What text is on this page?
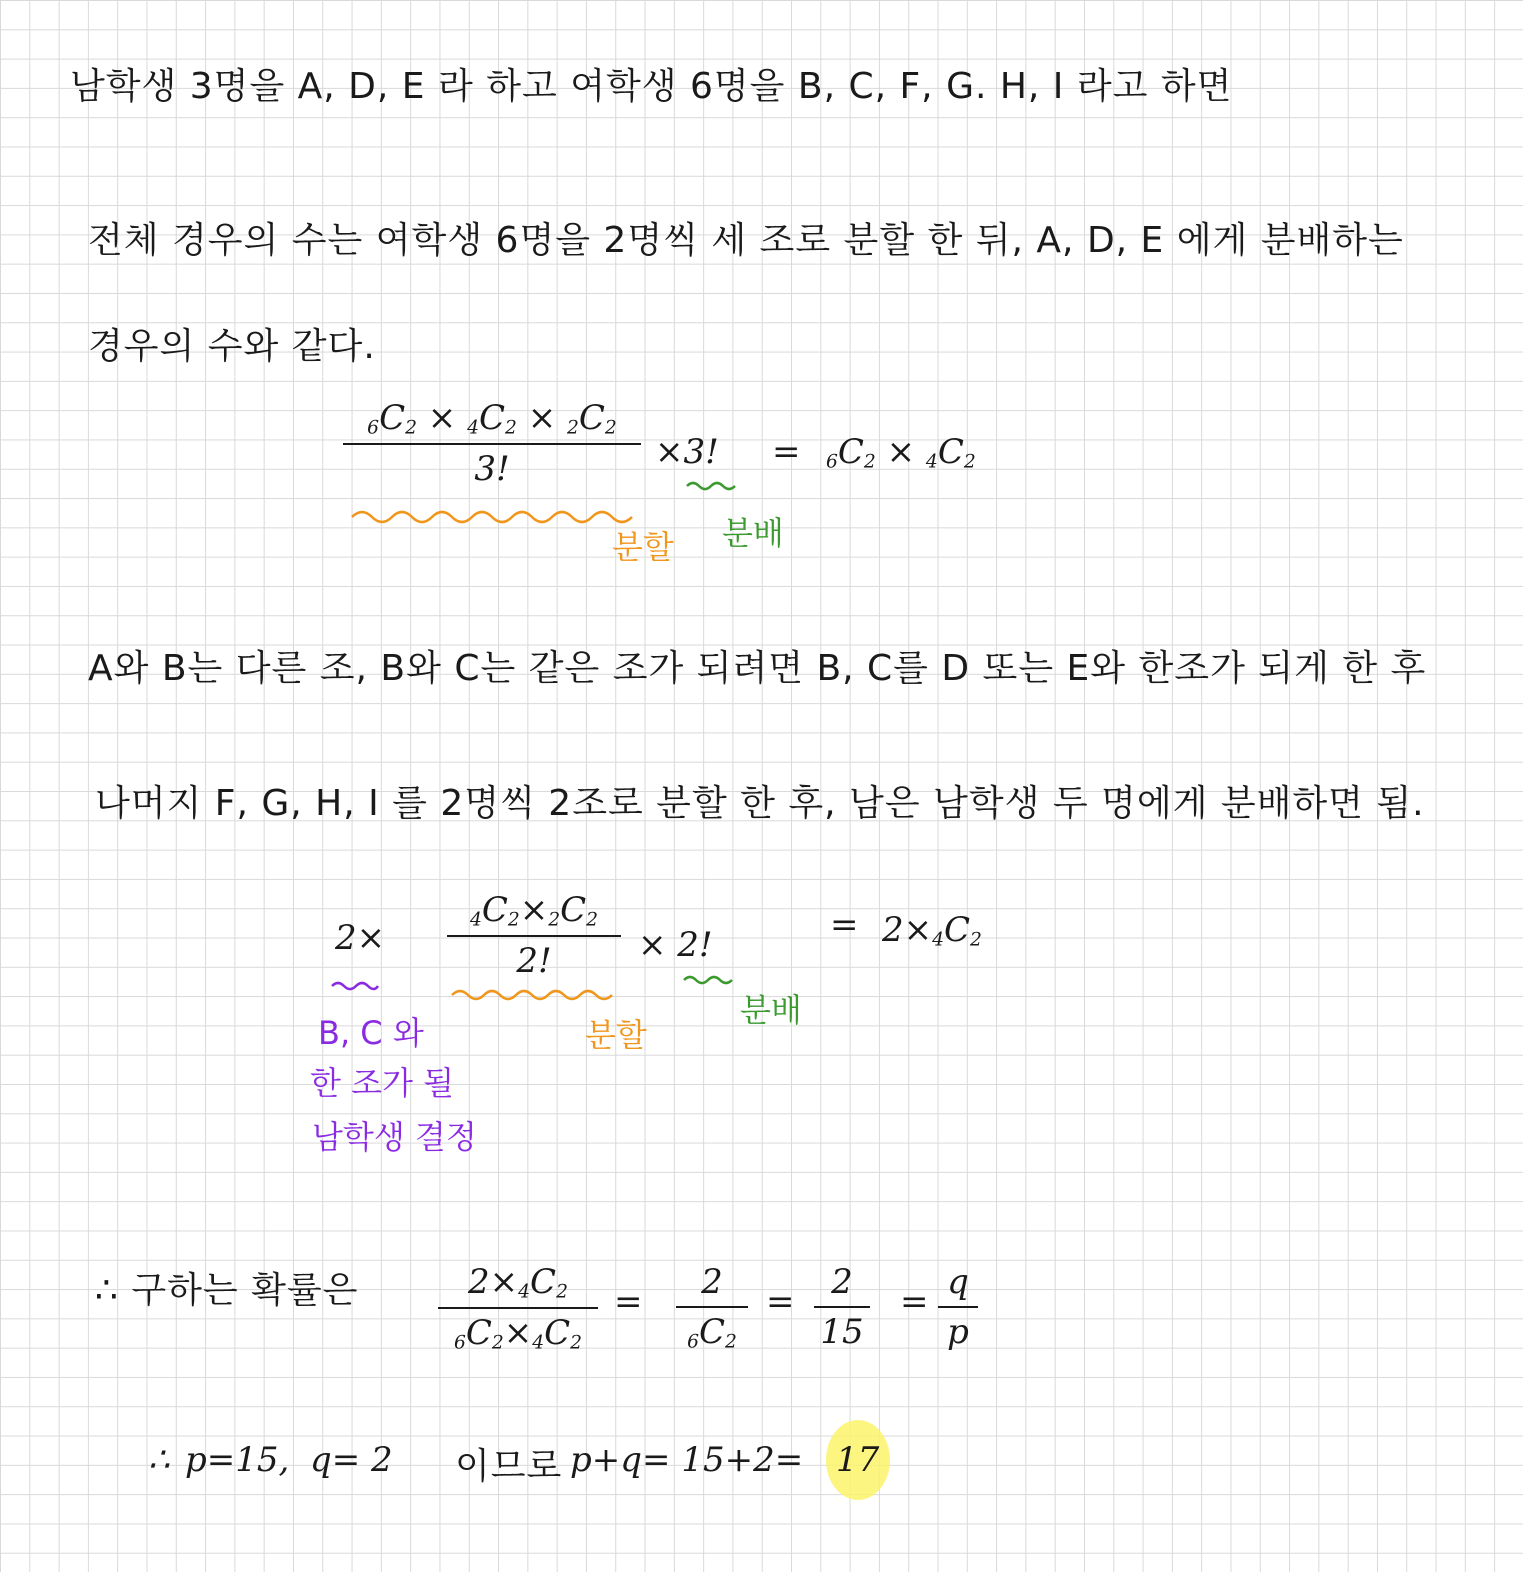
남학생 3명을 A, D, E 라 하고 여학생 6명을 B, C, F, G. H, I 라고 하면
전체 경우의 수는 여학생 6명을 2명씩 세 조로 분할 한 뒤, A, D, E 에게 분배하는
경우의 수와 같다.
$6C_2 \times 4C_2 \times 2C_2$
3!	×3! = $6C_2 \times 4C_2$
분할 분배
A와 B는 다른 조, B와 C는 같은 조가 되려면 B, C를 D 또는 E와 한조가 되게 한 후
나머지 F, G, H, I 를 2명씩 2조로 분할 한 후, 남은 남학생 두 명에게 분배하면 됨.
2×	$4C_2\times 2C_2$
2!	× 2!	= $2\times 4C_2$
B, C 와
한 조가 될
남학생 결정
분할
분배
∴ 구하는 확률은	$2\times 4C_2$
$6C_2\times 4C_2$
= 2
$6C_2$
= 2
15
= q
p
∴ p=15, q= 2 이므로 p+q= 15+2= 17
